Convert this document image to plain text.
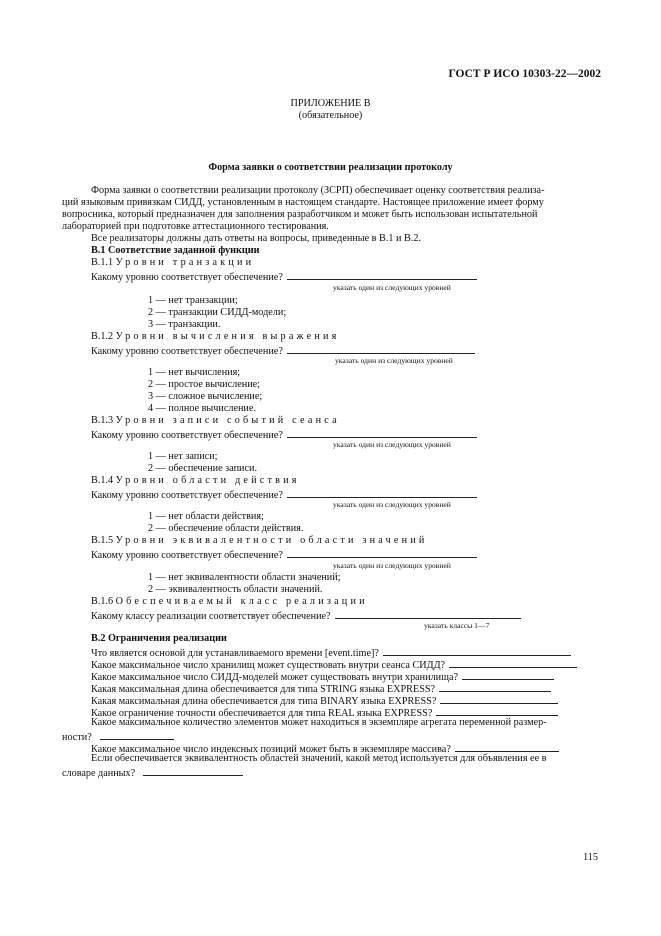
ГОСТ Р ИСО 10303-22—2002
ПРИЛОЖЕНИЕ B
(обязательное)
Форма заявки о соответствии реализации протоколу
Форма заявки о соответствии реализации протоколу (ЗСРП) обеспечивает оценку соответствия реализа-
ций языковым привязкам СИДД, установленным в настоящем стандарте. Настоящее приложение имеет форму
вопросника, который предназначен для заполнения разработчиком и может быть использован испытательной
лабораторией при подготовке аттестационного тестирования.
Все реализаторы должны дать ответы на вопросы, приведенные в B.1 и B.2.
B.1 Соответствие заданной функции
B.1.1 Уровни транзакции
Какому уровню соответствует обеспечение?
указать один из следующих уровней
1 — нет транзакции;
2 — транзакции СИДД-модели;
3 — транзакции.
B.1.2 Уровни вычисления выражения
Какому уровню соответствует обеспечение?
указать один из следующих уровней
1 — нет вычисления;
2 — простое вычисление;
3 — сложное вычисление;
4 — полное вычисление.
B.1.3 Уровни записи событий сеанса
Какому уровню соответствует обеспечение?
указать один из следующих уровней
1 — нет записи;
2 — обеспечение записи.
B.1.4 Уровни области действия
Какому уровню соответствует обеспечение?
указать один из следующих уровней
1 — нет области действия;
2 — обеспечение области действия.
B.1.5 Уровни эквивалентности области значений
Какому уровню соответствует обеспечение?
указать один из следующих уровней
1 — нет эквивалентности области значений;
2 — эквивалентность области значений.
B.1.6 Обеспечиваемый класс реализации
Какому классу реализации соответствует обеспечение?
указать классы 1—7
B.2 Ограничения реализации
Что является основой для устанавливаемого времени [event.time]?
Какое максимальное число хранилищ может существовать внутри сеанса СИДД?
Какое максимальное число СИДД-моделей может существовать внутри хранилища?
Какая максимальная длина обеспечивается для типа STRING языка EXPRESS?
Какая максимальная длина обеспечивается для типа BINARY языка EXPRESS?
Какое ограничение точности обеспечивается для типа REAL языка EXPRESS?
Какое максимальное количество элементов может находиться в экземпляре агрегата переменной размер-
ности?
Какое максимальное число индексных позиций может быть в экземпляре массива?
Если обеспечивается эквивалентность областей значений, какой метод используется для объявления ее в
словаре данных?
115
